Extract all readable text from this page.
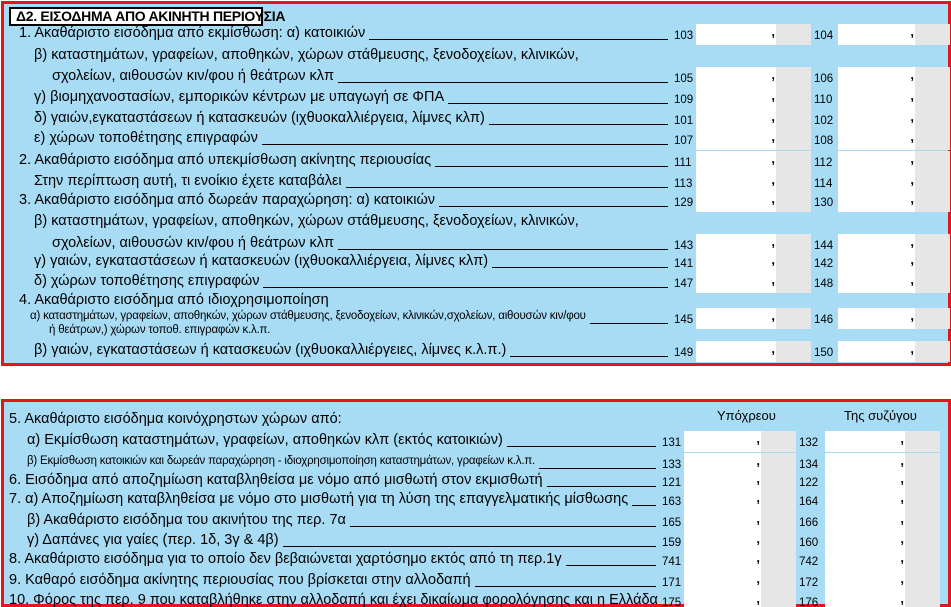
Δ2. ΕΙΣΟΔΗΜΑ ΑΠΟ ΑΚΙΝΗΤΗ ΠΕΡΙΟΥΣΙΑ
1. Ακαθάριστο εισόδημα από εκμίσθωση: α) κατοικιών	103	,	104	,
β) καταστημάτων, γραφείων, αποθηκών, χώρων στάθμευσης, ξενοδοχείων, κλινικών,
σχολείων, αιθουσών κιν/φου ή θεάτρων κλπ	105	,	106	,
γ) βιομηχανοστασίων, εμπορικών κέντρων με υπαγωγή σε ΦΠΑ	109	,	110	,
δ) γαιών,εγκαταστάσεων ή κατασκευών (ιχθυοκαλλιέργεια, λίμνες κλπ)	101	,	102	,
ε) χώρων τοποθέτησης επιγραφών	107	,	108	,
2. Ακαθάριστο εισόδημα από υπεκμίσθωση ακίνητης περιουσίας	111	,	112	,
Στην περίπτωση αυτή, τι ενοίκιο έχετε καταβάλει	113	,	114	,
3. Ακαθάριστο εισόδημα από δωρεάν παραχώρηση: α) κατοικιών	129	,	130	,
β) καταστημάτων, γραφείων, αποθηκών, χώρων στάθμευσης, ξενοδοχείων, κλινικών,
σχολείων, αιθουσών κιν/φου ή θεάτρων κλπ	143	,	144	,
γ) γαιών, εγκαταστάσεων ή κατασκευών (ιχθυοκαλλιέργεια, λίμνες κλπ)	141	,	142	,
δ) χώρων τοποθέτησης επιγραφών	147	,	148	,
4. Ακαθάριστο εισόδημα από ιδιοχρησιμοποίηση
α) καταστημάτων, γραφείων, αποθηκών, χώρων στάθμευσης, ξενοδοχείων, κλινικών,σχολείων, αιθουσών κιν/φου	145	,	146	,
ή θεάτρων,) χώρων τοποθ. επιγραφών κ.λ.π.
β) γαιών, εγκαταστάσεων ή κατασκευών (ιχθυοκαλλιέργειες, λίμνες κ.λ.π.)	149	,	150	,
Υπόχρεου	Της συζύγου
5. Ακαθάριστο εισόδημα κοινόχρηστων χώρων από:
α) Εκμίσθωση καταστημάτων, γραφείων, αποθηκών κλπ (εκτός κατοικιών)	131	,	132	,
β) Εκμίσθωση κατοικιών και δωρεάν παραχώρηση - ιδιοχρησιμοποίηση καταστημάτων, γραφείων κ.λ.π.	133	,	134	,
6. Εισόδημα από αποζημίωση καταβληθείσα με νόμο από μισθωτή στον εκμισθωτή	121	,	122	,
7. α) Αποζημίωση καταβληθείσα με νόμο στο μισθωτή για τη λύση της επαγγελματικής μίσθωσης	163	,	164	,
β) Ακαθάριστο εισόδημα του ακινήτου της περ. 7α	165	,	166	,
γ) Δαπάνες για γαίες (περ. 1δ, 3γ & 4β)	159	,	160	,
8. Ακαθάριστο εισόδημα για το οποίο δεν βεβαιώνεται χαρτόσημο εκτός από τη περ.1γ	741	,	742	,
9. Καθαρό εισόδημα ακίνητης περιουσίας που βρίσκεται στην αλλοδαπή	171	,	172	,
10. Φόρος της περ. 9 που καταβλήθηκε στην αλλοδαπή και έχει δικαίωμα φορολόγησης και η Ελλάδα 175	,	176	,
